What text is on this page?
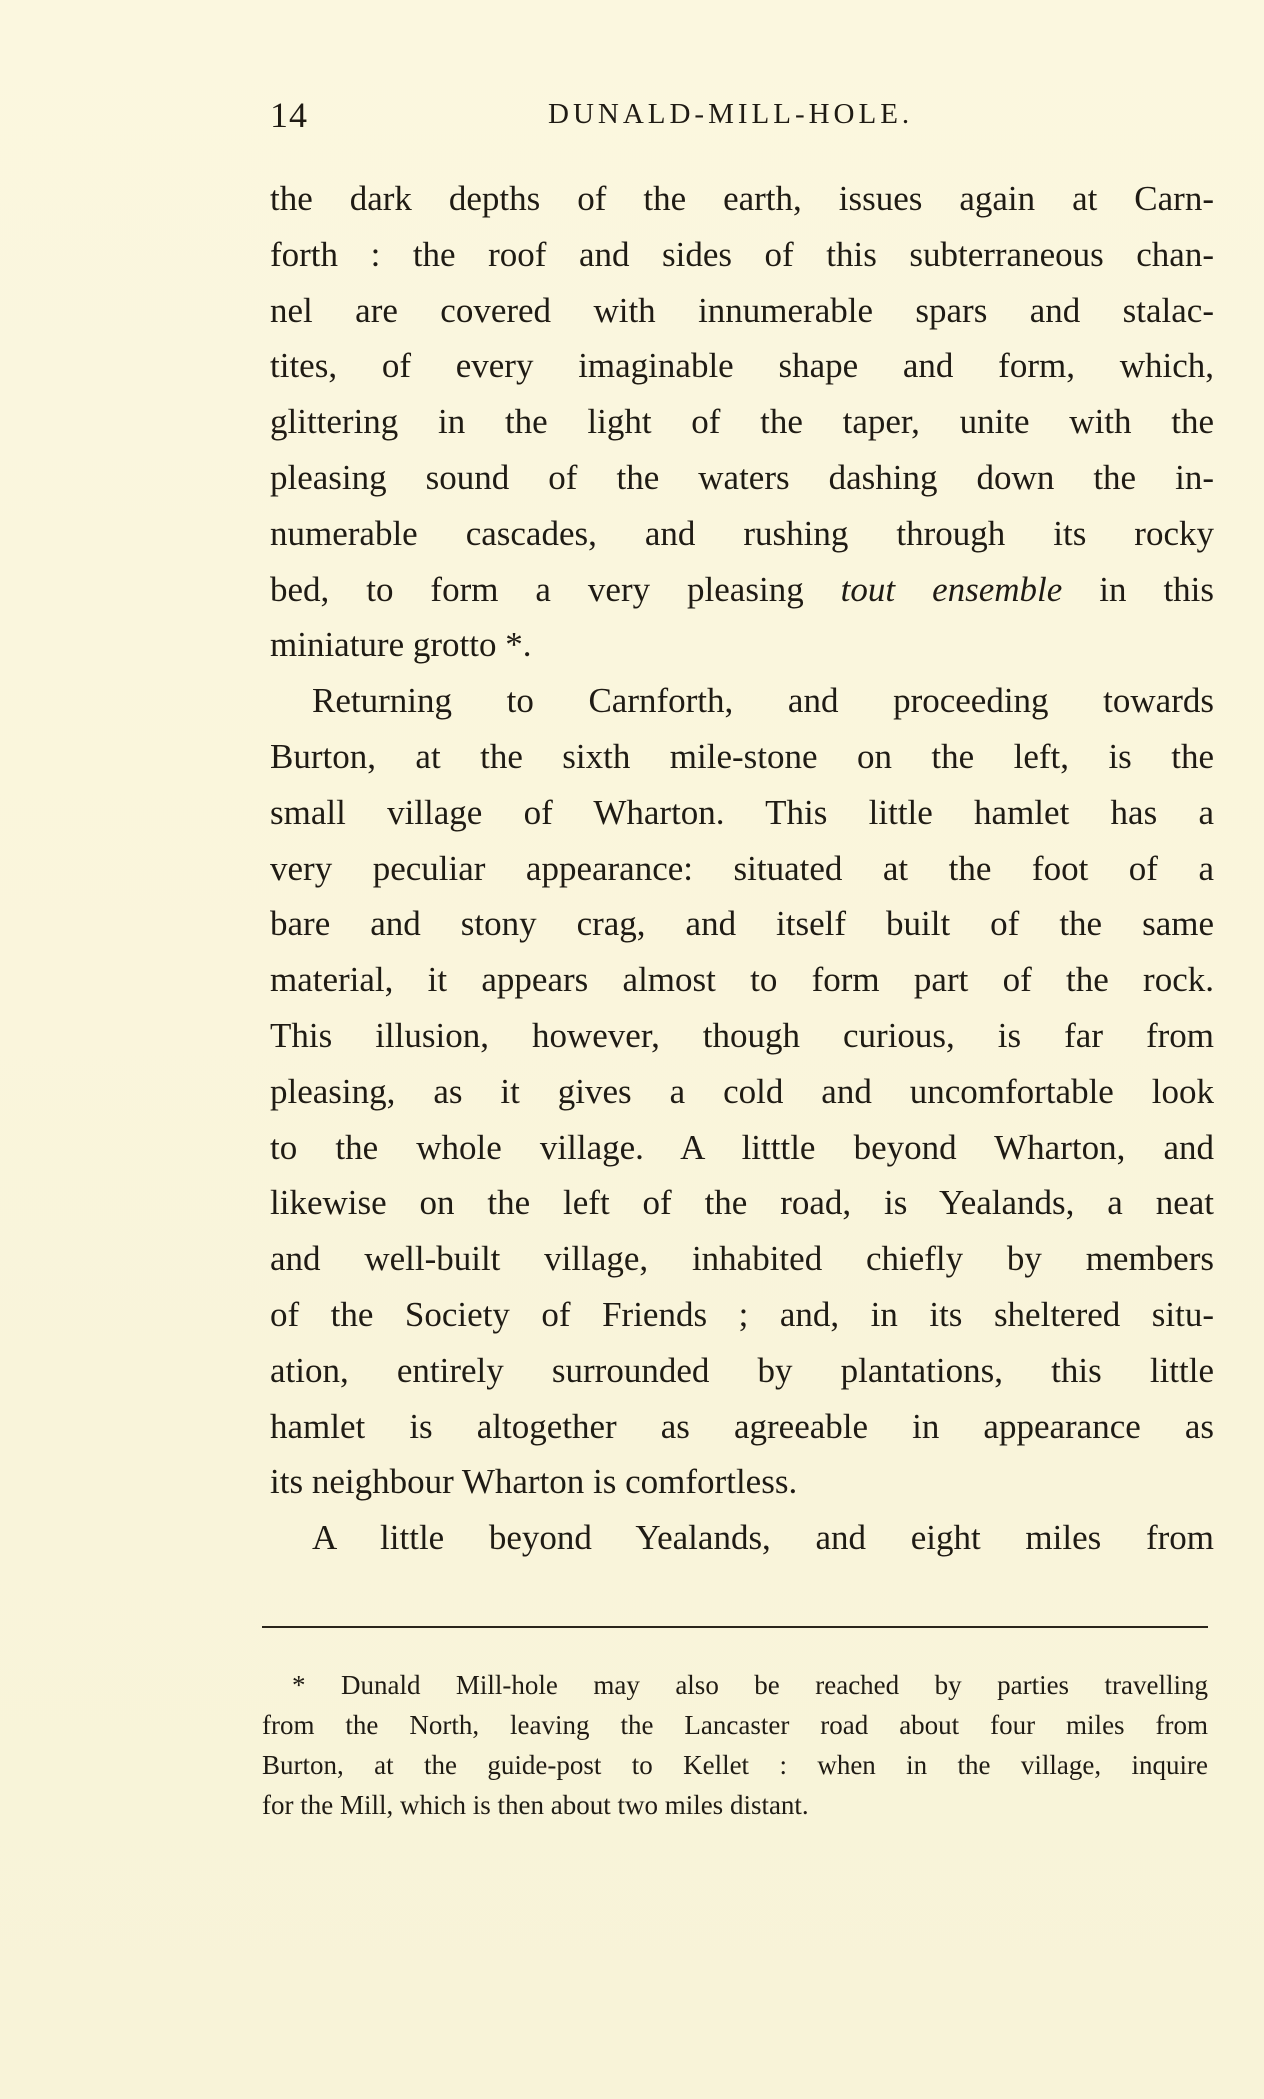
14	DUNALD-MILL-HOLE.
the dark depths of the earth, issues again at Carn-
forth : the roof and sides of this subterraneous chan-
nel are covered with innumerable spars and stalac-
tites, of every imaginable shape and form, which,
glittering in the light of the taper, unite with the
pleasing sound of the waters dashing down the in-
numerable cascades, and rushing through its rocky
bed, to form a very pleasing tout ensemble in this
miniature grotto *.
Returning to Carnforth, and proceeding towards
Burton, at the sixth mile-stone on the left, is the
small village of Wharton. This little hamlet has a
very peculiar appearance: situated at the foot of a
bare and stony crag, and itself built of the same
material, it appears almost to form part of the rock.
This illusion, however, though curious, is far from
pleasing, as it gives a cold and uncomfortable look
to the whole village. A litttle beyond Wharton, and
likewise on the left of the road, is Yealands, a neat
and well-built village, inhabited chiefly by members
of the Society of Friends ; and, in its sheltered situ-
ation, entirely surrounded by plantations, this little
hamlet is altogether as agreeable in appearance as
its neighbour Wharton is comfortless.
A little beyond Yealands, and eight miles from
* Dunald Mill-hole may also be reached by parties travelling
from the North, leaving the Lancaster road about four miles from
Burton, at the guide-post to Kellet : when in the village, inquire
for the Mill, which is then about two miles distant.
